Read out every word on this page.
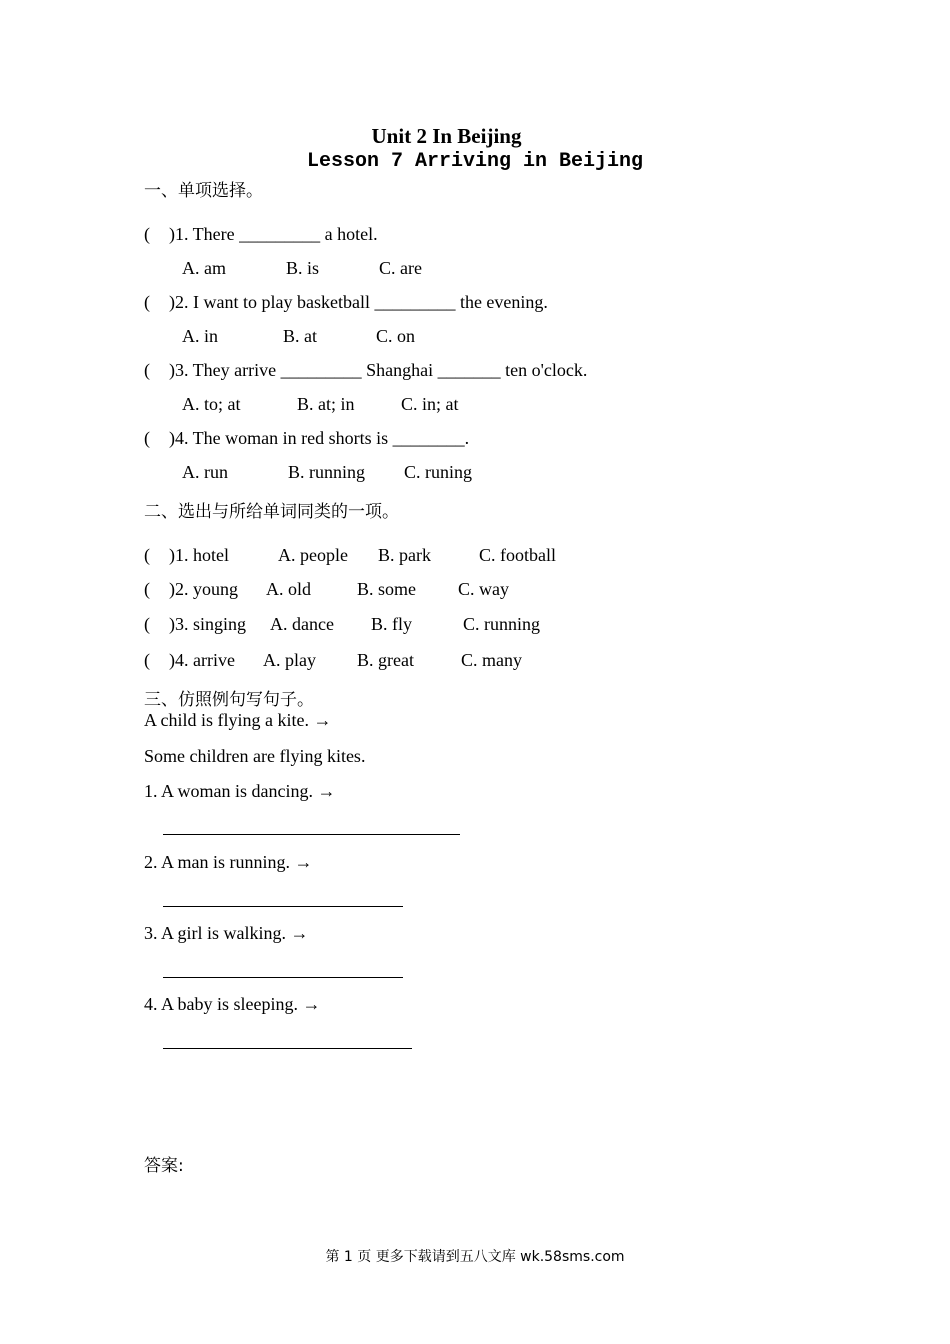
Unit 2 In Beijing
Lesson 7 Arriving in Beijing
一、单项选择。
( )1. There _________ a hotel.
A. am	B. is	C. are
( )2. I want to play basketball _________ the evening.
A. in	B. at	C. on
( )3. They arrive _________ Shanghai _______ ten o'clock.
A. to; at	B. at; in	C. in; at
( )4. The woman in red shorts is ________.
A. run	B. running C. runing
二、选出与所给单词同类的一项。
( )1. hotel	A. people B. park	C. football
( )2. young A. old	B. some C. way
( )3. singing A. dance B. fly	C. running
( )4. arrive A. play B. great	C. many
三、仿照例句写句子。
A child is flying a kite. →
Some children are flying kites.
1. A woman is dancing. →
2. A man is running. →
3. A girl is walking. →
4. A baby is sleeping. →
答案:
第 1 页 更多下载请到五八文库 wk.58sms.com
